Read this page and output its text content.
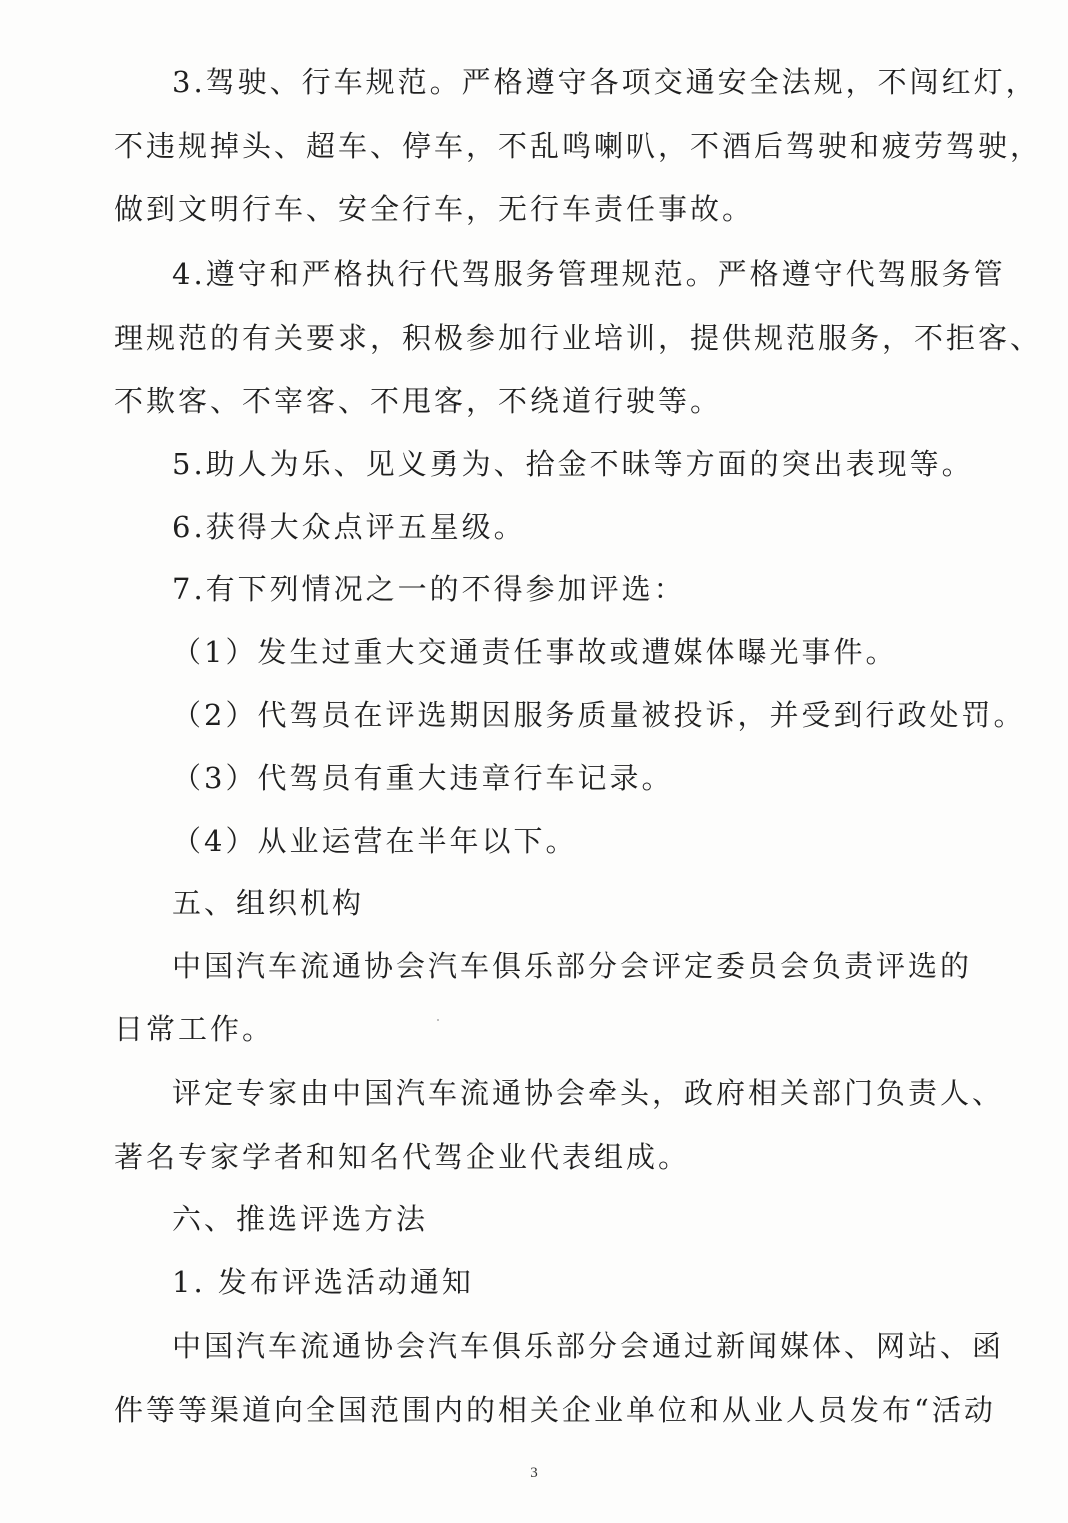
3.驾驶、行车规范。严格遵守各项交通安全法规，不闯红灯，
不违规掉头、超车、停车，不乱鸣喇叭，不酒后驾驶和疲劳驾驶，
做到文明行车、安全行车，无行车责任事故。
4.遵守和严格执行代驾服务管理规范。严格遵守代驾服务管
理规范的有关要求，积极参加行业培训，提供规范服务，不拒客、
不欺客、不宰客、不甩客，不绕道行驶等。
5.助人为乐、见义勇为、拾金不昧等方面的突出表现等。
6.获得大众点评五星级。
7.有下列情况之一的不得参加评选：
（1）发生过重大交通责任事故或遭媒体曝光事件。
（2）代驾员在评选期因服务质量被投诉，并受到行政处罚。
（3）代驾员有重大违章行车记录。
（4）从业运营在半年以下。
五、组织机构
中国汽车流通协会汽车俱乐部分会评定委员会负责评选的
日常工作。
评定专家由中国汽车流通协会牵头，政府相关部门负责人、
著名专家学者和知名代驾企业代表组成。
六、推选评选方法
1. 发布评选活动通知
中国汽车流通协会汽车俱乐部分会通过新闻媒体、网站、函
件等等渠道向全国范围内的相关企业单位和从业人员发布“活动
3
